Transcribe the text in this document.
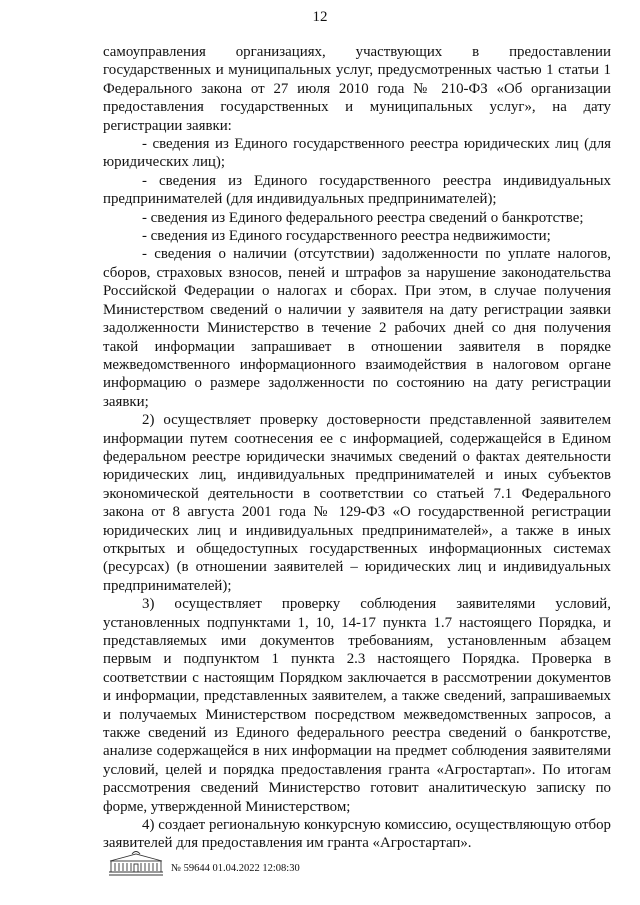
12

самоуправления организациях, участвующих в предоставлении государственных и муниципальных услуг, предусмотренных частью 1 статьи 1 Федерального закона от 27 июля 2010 года № 210-ФЗ «Об организации предоставления государственных и муниципальных услуг», на дату регистрации заявки:

- сведения из Единого государственного реестра юридических лиц (для юридических лиц);

- сведения из Единого государственного реестра индивидуальных предпринимателей (для индивидуальных предпринимателей);

- сведения из Единого федерального реестра сведений о банкротстве;

- сведения из Единого государственного реестра недвижимости;

- сведения о наличии (отсутствии) задолженности по уплате налогов, сборов, страховых взносов, пеней и штрафов за нарушение законодательства Российской Федерации о налогах и сборах. При этом, в случае получения Министерством сведений о наличии у заявителя на дату регистрации заявки задолженности Министерство в течение 2 рабочих дней со дня получения такой информации запрашивает в отношении заявителя в порядке межведомственного информационного взаимодействия в налоговом органе информацию о размере задолженности по состоянию на дату регистрации заявки;

2) осуществляет проверку достоверности представленной заявителем информации путем соотнесения ее с информацией, содержащейся в Едином федеральном реестре юридически значимых сведений о фактах деятельности юридических лиц, индивидуальных предпринимателей и иных субъектов экономической деятельности в соответствии со статьей 7.1 Федерального закона от 8 августа 2001 года № 129-ФЗ «О государственной регистрации юридических лиц и индивидуальных предпринимателей», а также в иных открытых и общедоступных государственных информационных системах (ресурсах) (в отношении заявителей – юридических лиц и индивидуальных предпринимателей);

3) осуществляет проверку соблюдения заявителями условий, установленных подпунктами 1, 10, 14-17 пункта 1.7 настоящего Порядка, и представляемых ими документов требованиям, установленным абзацем первым и подпунктом 1 пункта 2.3 настоящего Порядка. Проверка в соответствии с настоящим Порядком заключается в рассмотрении документов и информации, представленных заявителем, а также сведений, запрашиваемых и получаемых Министерством посредством межведомственных запросов, а также сведений из Единого федерального реестра сведений о банкротстве, анализе содержащейся в них информации на предмет соблюдения заявителями условий, целей и порядка предоставления гранта «Агростартап». По итогам рассмотрения сведений Министерство готовит аналитическую записку по форме, утвержденной Министерством;

4) создает региональную конкурсную комиссию, осуществляющую отбор заявителей для предоставления им гранта «Агростартап».

№ 59644 01.04.2022 12:08:30
